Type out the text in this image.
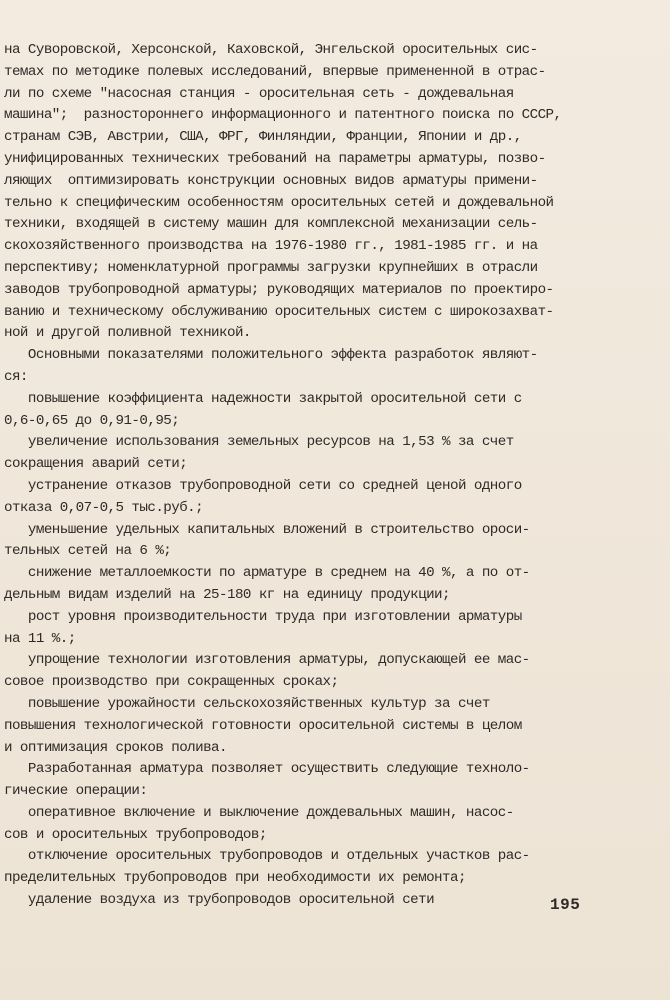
на Суворовской, Херсонской, Каховской, Энгельской оросительных сис-
темах по методике полевых исследований, впервые примененной в отрас-
ли по схеме "насосная станция - оросительная сеть - дождевальная
машина";  разностороннего информационного и патентного поиска по СССР,
странам СЭВ, Австрии, США, ФРГ, Финляндии, Франции, Японии и др.,
унифицированных технических требований на параметры арматуры, позво-
ляющих  оптимизировать конструкции основных видов арматуры примени-
тельно к специфическим особенностям оросительных сетей и дождевальной
техники, входящей в систему машин для комплексной механизации сель-
скохозяйственного производства на 1976-1980 гг., 1981-1985 гг. и на
перспективу; номенклатурной программы загрузки крупнейших в отрасли
заводов трубопроводной арматуры; руководящих материалов по проектиро-
ванию и техническому обслуживанию оросительных систем с широкозахват-
ной и другой поливной техникой.
Основными показателями положительного эффекта разработок являют-
ся:
повышение коэффициента надежности закрытой оросительной сети с
0,6-0,65 до 0,91-0,95;
увеличение использования земельных ресурсов на 1,53 % за счет
сокращения аварий сети;
устранение отказов трубопроводной сети со средней ценой одного
отказа 0,07-0,5 тыс.руб.;
уменьшение удельных капитальных вложений в строительство ороси-
тельных сетей на 6 %;
снижение металлоемкости по арматуре в среднем на 40 %, а по от-
дельным видам изделий на 25-180 кг на единицу продукции;
рост уровня производительности труда при изготовлении арматуры
на 11 %.;
упрощение технологии изготовления арматуры, допускающей ее мас-
совое производство при сокращенных сроках;
повышение урожайности сельскохозяйственных культур за счет
повышения технологической готовности оросительной системы в целом
и оптимизация сроков полива.
Разработанная арматура позволяет осуществить следующие техноло-
гические операции:
оперативное включение и выключение дождевальных машин, насос-
сов и оросительных трубопроводов;
отключение оросительных трубопроводов и отдельных участков рас-
пределительных трубопроводов при необходимости их ремонта;
удаление воздуха из трубопроводов оросительной сети	195
